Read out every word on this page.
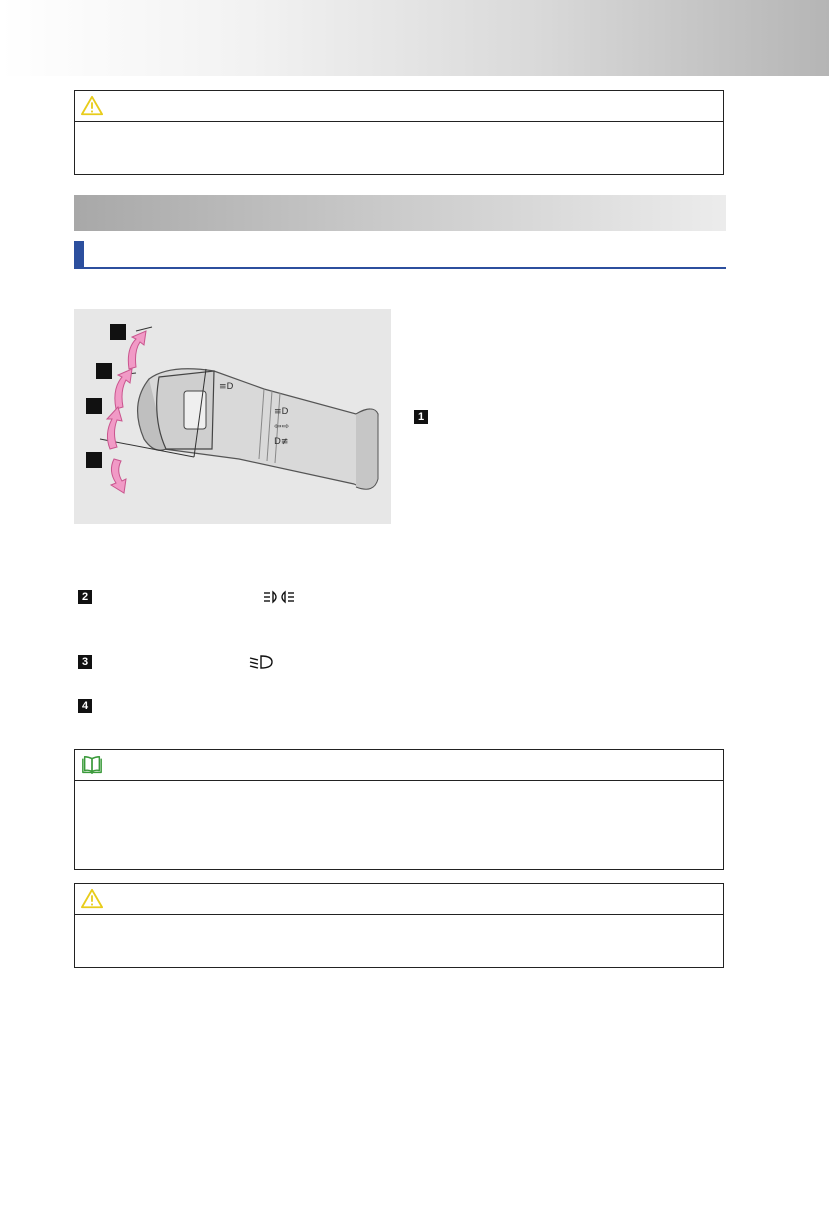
≡D
≡D
⇦⇨
D≢
1
2
3
4
